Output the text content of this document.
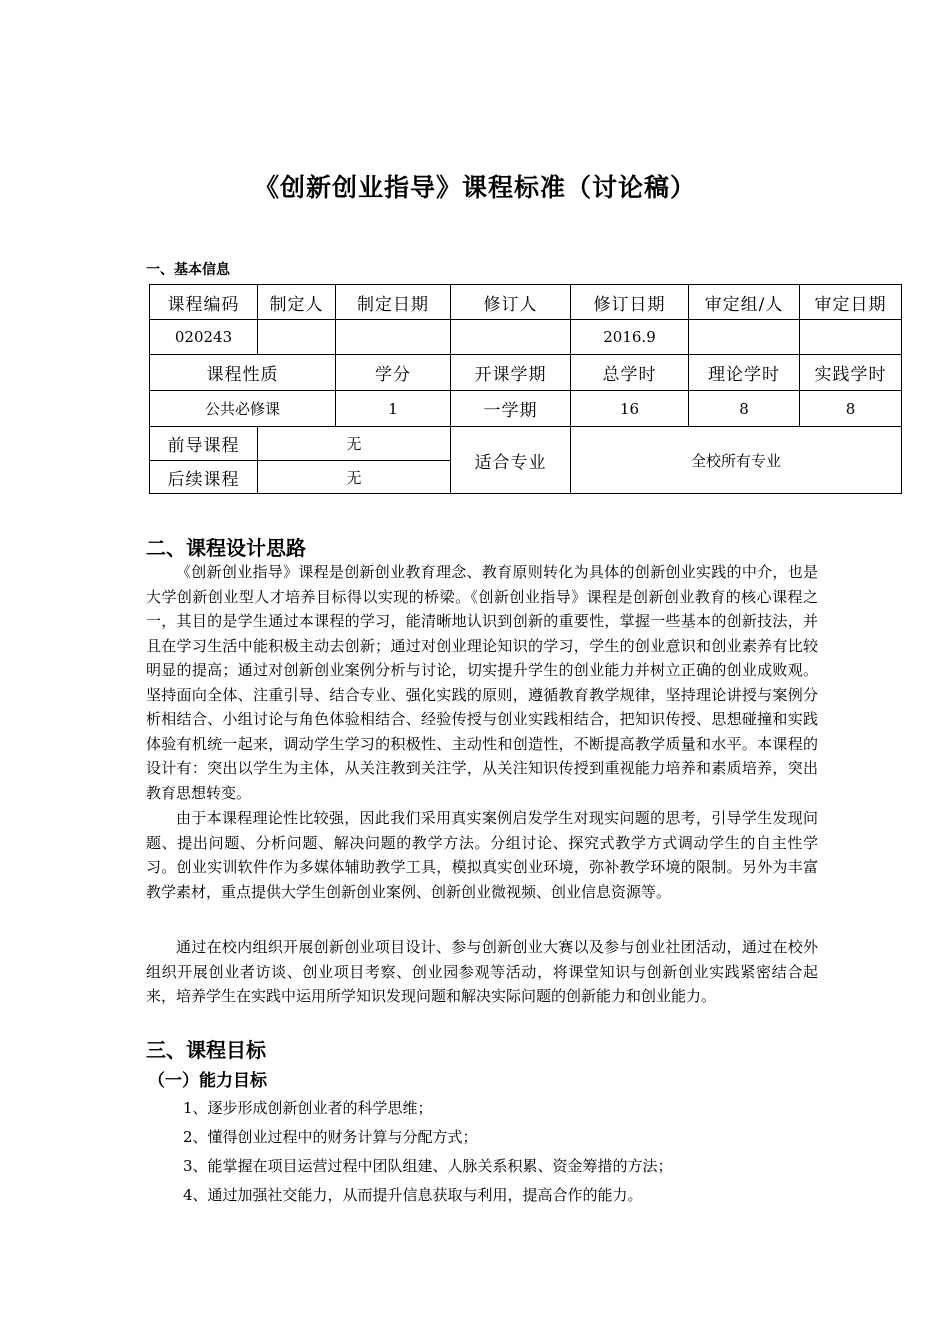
《创新创业指导》课程标准（讨论稿）
一、基本信息
课程编码	制定人	制定日期	修订人	修订日期	审定组/人	审定日期
020243				2016.9		
课程性质		学分	开课学期	总学时	理论学时	实践学时
公共必修课		1	一学期	16	8	8
前导课程	无		适合专业	全校所有专业		
后续课程	无					
二、课程设计思路

《创新创业指导》课程是创新创业教育理念、教育原则转化为具体的创新创业实践的中介，也是大学创新创业型人才培养目标得以实现的桥梁。《创新创业指导》课程是创新创业教育的核心课程之一，其目的是学生通过本课程的学习，能清晰地认识到创新的重要性，掌握一些基本的创新技法，并且在学习生活中能积极主动去创新；通过对创业理论知识的学习，学生的创业意识和创业素养有比较明显的提高；通过对创新创业案例分析与讨论，切实提升学生的创业能力并树立正确的创业成败观。坚持面向全体、注重引导、结合专业、强化实践的原则，遵循教育教学规律，坚持理论讲授与案例分析相结合、小组讨论与角色体验相结合、经验传授与创业实践相结合，把知识传授、思想碰撞和实践体验有机统一起来，调动学生学习的积极性、主动性和创造性，不断提高教学质量和水平。本课程的设计有：突出以学生为主体，从关注教到关注学，从关注知识传授到重视能力培养和素质培养，突出教育思想转变。

由于本课程理论性比较强，因此我们采用真实案例启发学生对现实问题的思考，引导学生发现问题、提出问题、分析问题、解决问题的教学方法。分组讨论、探究式教学方式调动学生的自主性学习。创业实训软件作为多媒体辅助教学工具，模拟真实创业环境，弥补教学环境的限制。另外为丰富教学素材，重点提供大学生创新创业案例、创新创业微视频、创业信息资源等。

通过在校内组织开展创新创业项目设计、参与创新创业大赛以及参与创业社团活动，通过在校外组织开展创业者访谈、创业项目考察、创业园参观等活动，将课堂知识与创新创业实践紧密结合起来，培养学生在实践中运用所学知识发现问题和解决实际问题的创新能力和创业能力。

三、课程目标
（一）能力目标
1、逐步形成创新创业者的科学思维；
2、懂得创业过程中的财务计算与分配方式；
3、能掌握在项目运营过程中团队组建、人脉关系积累、资金筹措的方法；
4、通过加强社交能力，从而提升信息获取与利用，提高合作的能力。
